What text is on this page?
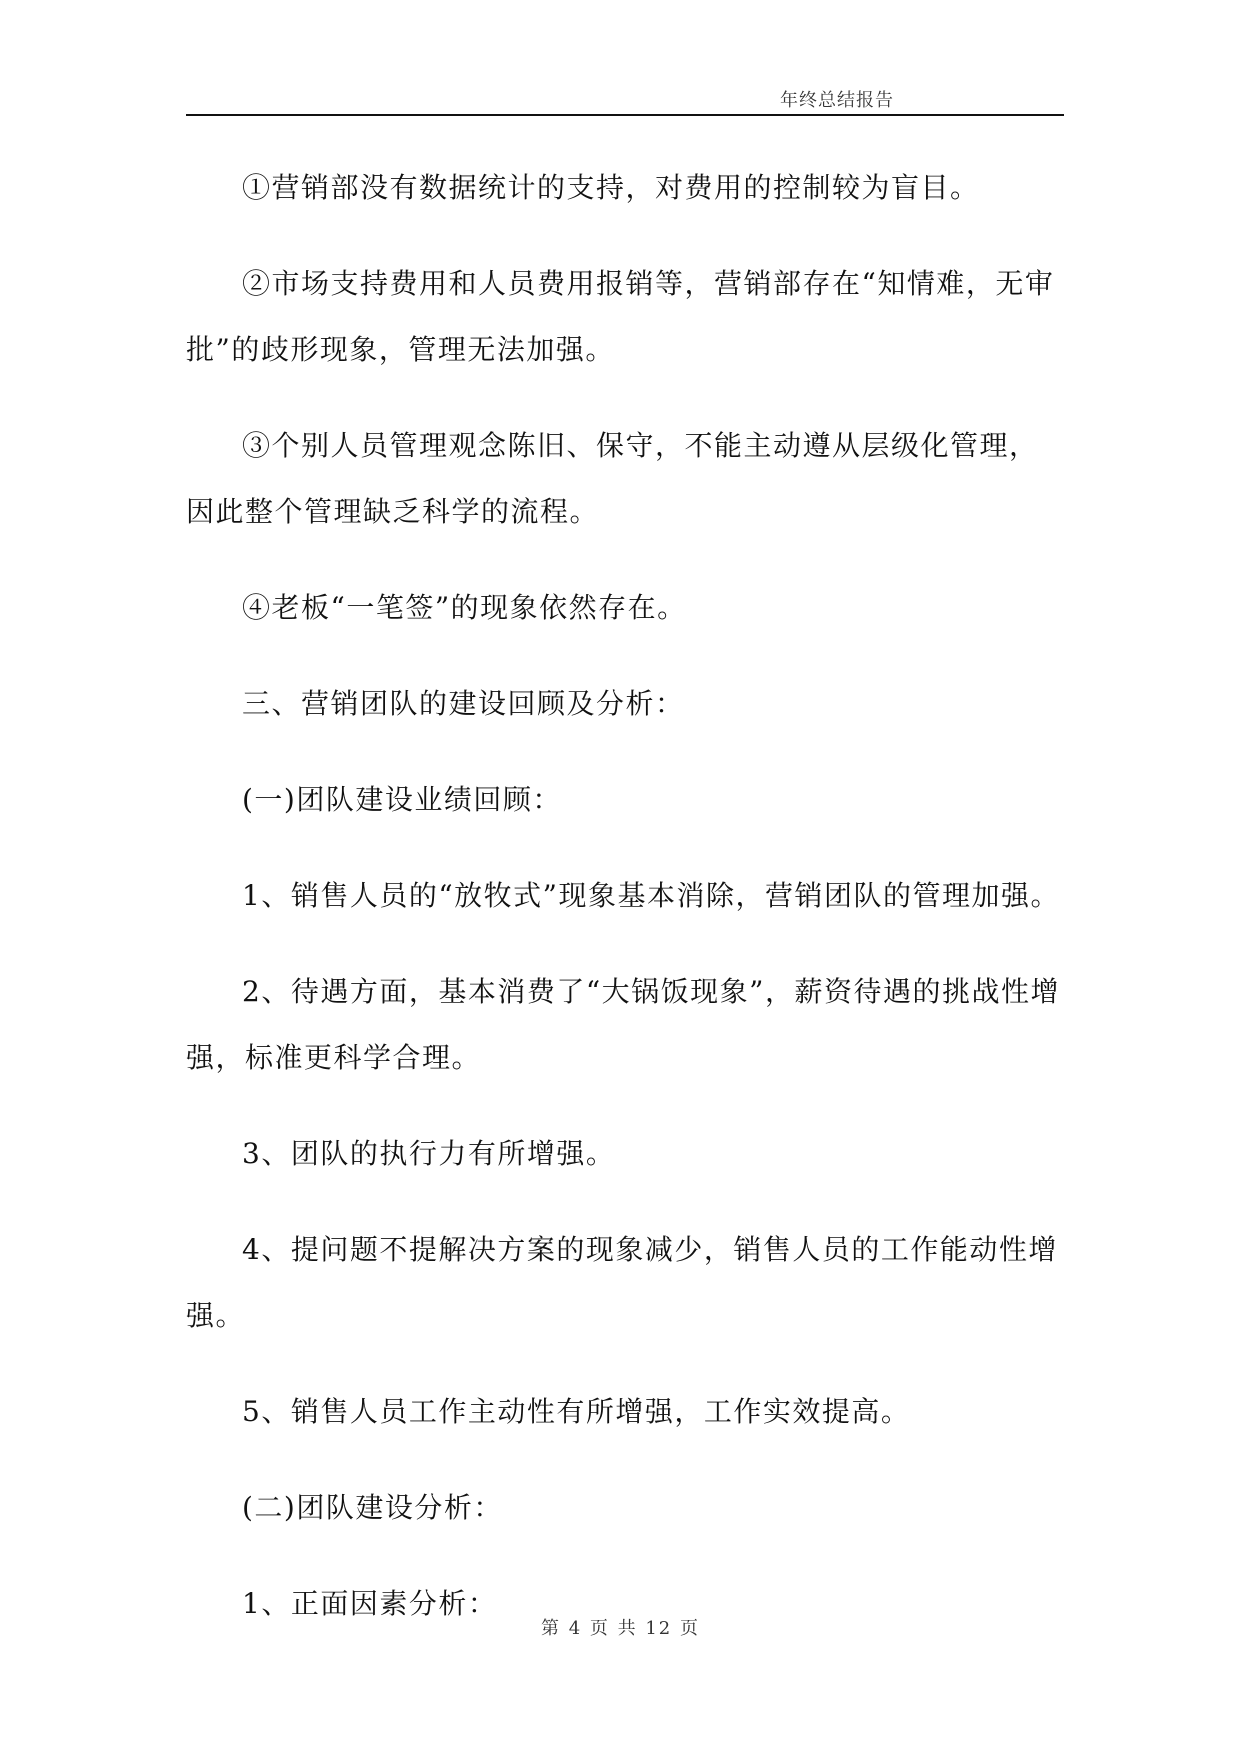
年终总结报告

①营销部没有数据统计的支持，对费用的控制较为盲目。

②市场支持费用和人员费用报销等，营销部存在“知情难，无审批”的歧形现象，管理无法加强。

③个别人员管理观念陈旧、保守，不能主动遵从层级化管理，因此整个管理缺乏科学的流程。

④老板“一笔签”的现象依然存在。

三、营销团队的建设回顾及分析：

(一)团队建设业绩回顾：

1、销售人员的“放牧式”现象基本消除，营销团队的管理加强。

2、待遇方面，基本消费了“大锅饭现象”，薪资待遇的挑战性增强，标准更科学合理。

3、团队的执行力有所增强。

4、提问题不提解决方案的现象减少，销售人员的工作能动性增强。

5、销售人员工作主动性有所增强，工作实效提高。

(二)团队建设分析：

1、正面因素分析：

第 4 页 共 12 页
